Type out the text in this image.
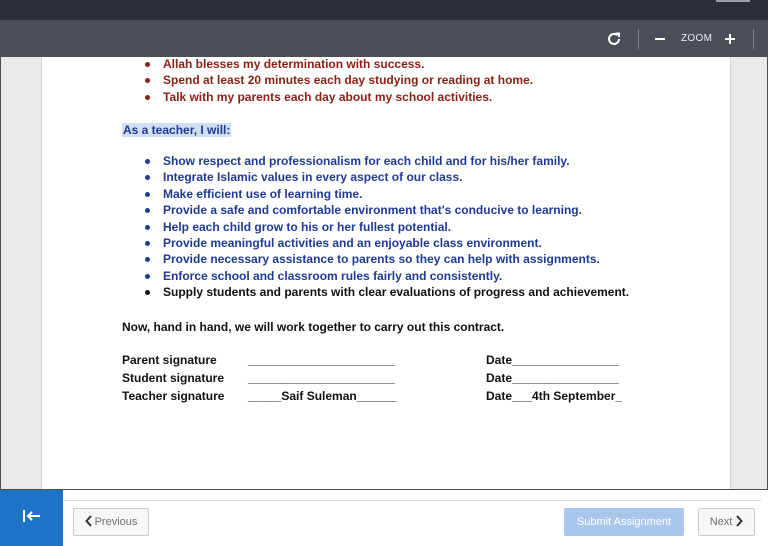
ZOOM
Allah blesses my determination with success.
Spend at least 20 minutes each day studying or reading at home.
Talk with my parents each day about my school activities.
As a teacher, I will:
Show respect and professionalism for each child and for his/her family.
Integrate Islamic values in every aspect of our class.
Make efficient use of learning time.
Provide a safe and comfortable environment that's conducive to learning.
Help each child grow to his or her fullest potential.
Provide meaningful activities and an enjoyable class environment.
Provide necessary assistance to parents so they can help with assignments.
Enforce school and classroom rules fairly and consistently.
Supply students and parents with clear evaluations of progress and achievement.
Now, hand in hand, we will work together to carry out this contract.
Parent signature	______________________	Date________________
Student signature ______________________	Date________________
Teacher signature _____Saif Suleman______	Date___4th September_
Previous	Submit Assignment	Next
